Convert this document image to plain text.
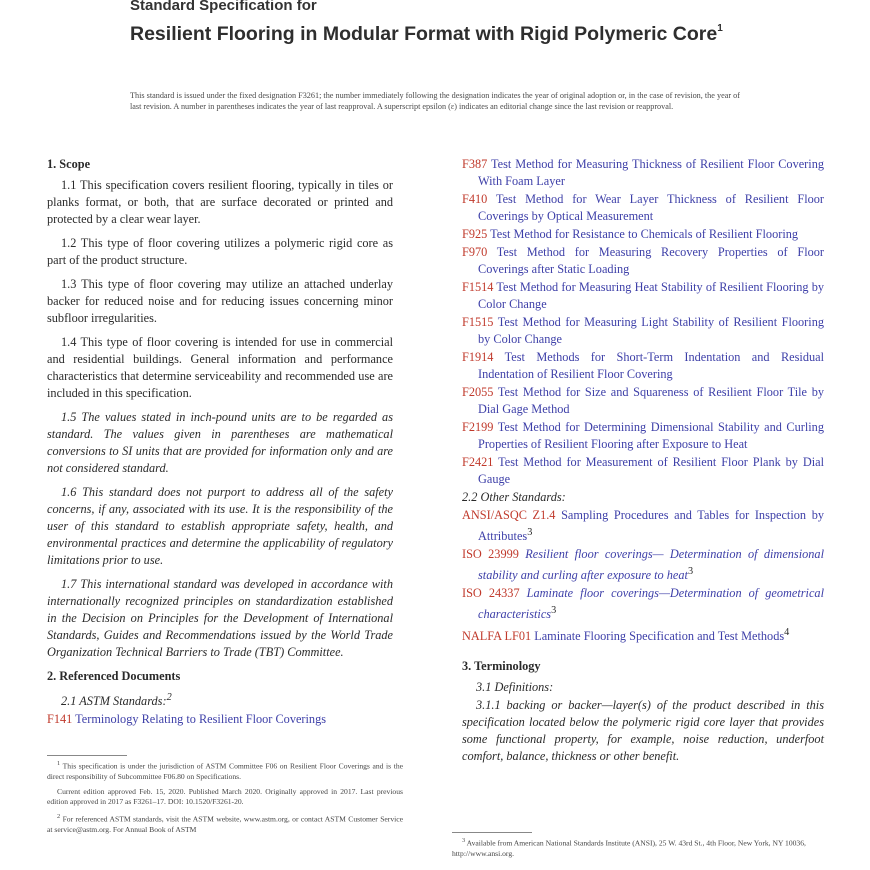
Standard Specification for

Resilient Flooring in Modular Format with Rigid Polymeric Core$^1$

This standard is issued under the fixed designation F3261; the number immediately following the designation indicates the year of original adoption or, in the case of revision, the year of last revision. A number in parentheses indicates the year of last reapproval. A superscript epsilon (ε) indicates an editorial change since the last revision or reapproval.

1. Scope

1.1 This specification covers resilient flooring, typically in tiles or planks format, or both, that are surface decorated or printed and protected by a clear wear layer.

1.2 This type of floor covering utilizes a polymeric rigid core as part of the product structure.

1.3 This type of floor covering may utilize an attached underlay backer for reduced noise and for reducing issues concerning minor subfloor irregularities.

1.4 This type of floor covering is intended for use in commercial and residential buildings. General information and performance characteristics that determine serviceability and recommended use are included in this specification.

1.5 The values stated in inch-pound units are to be regarded as standard. The values given in parentheses are mathematical conversions to SI units that are provided for information only and are not considered standard.

1.6 This standard does not purport to address all of the safety concerns, if any, associated with its use. It is the responsibility of the user of this standard to establish appropriate safety, health, and environmental practices and determine the applicability of regulatory limitations prior to use.

1.7 This international standard was developed in accordance with internationally recognized principles on standardization established in the Decision on Principles for the Development of International Standards, Guides and Recommendations issued by the World Trade Organization Technical Barriers to Trade (TBT) Committee.

2. Referenced Documents

2.1 ASTM Standards:$^2$

F141 Terminology Relating to Resilient Floor Coverings

F387 Test Method for Measuring Thickness of Resilient Floor Covering With Foam Layer

F410 Test Method for Wear Layer Thickness of Resilient Floor Coverings by Optical Measurement

F925 Test Method for Resistance to Chemicals of Resilient Flooring

F970 Test Method for Measuring Recovery Properties of Floor Coverings after Static Loading

F1514 Test Method for Measuring Heat Stability of Resilient Flooring by Color Change

F1515 Test Method for Measuring Light Stability of Resilient Flooring by Color Change

F1914 Test Methods for Short-Term Indentation and Residual Indentation of Resilient Floor Covering

F2055 Test Method for Size and Squareness of Resilient Floor Tile by Dial Gage Method

F2199 Test Method for Determining Dimensional Stability and Curling Properties of Resilient Flooring after Exposure to Heat

F2421 Test Method for Measurement of Resilient Floor Plank by Dial Gauge

2.2 Other Standards:

ANSI/ASQC Z1.4 Sampling Procedures and Tables for Inspection by Attributes$^3$

ISO 23999 Resilient floor coverings— Determination of dimensional stability and curling after exposure to heat$^3$

ISO 24337 Laminate floor coverings—Determination of geometrical characteristics$^3$

NALFA LF01 Laminate Flooring Specification and Test Methods$^4$

3. Terminology

3.1 Definitions:

3.1.1 backing or backer—layer(s) of the product described in this specification located below the polymeric rigid core layer that provides some functional property, for example, noise reduction, underfoot comfort, balance, thickness or other benefit.

$^1$ This specification is under the jurisdiction of ASTM Committee F06 on Resilient Floor Coverings and is the direct responsibility of Subcommittee F06.80 on Specifications.

Current edition approved Feb. 15, 2020. Published March 2020. Originally approved in 2017. Last previous edition approved in 2017 as F3261–17. DOI: 10.1520/F3261-20.

$^2$ For referenced ASTM standards, visit the ASTM website, www.astm.org, or contact ASTM Customer Service at service@astm.org. For Annual Book of ASTM

$^3$ Available from American National Standards Institute (ANSI), 25 W. 43rd St., 4th Floor, New York, NY 10036, http://www.ansi.org.
